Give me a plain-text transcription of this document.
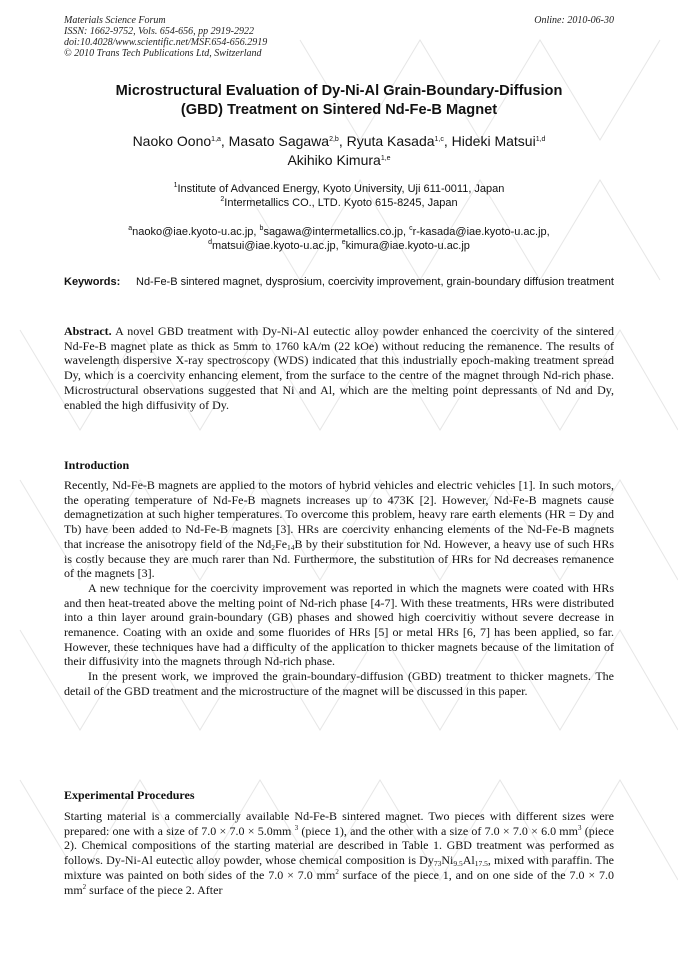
Materials Science Forum
ISSN: 1662-9752, Vols. 654-656, pp 2919-2922
doi:10.4028/www.scientific.net/MSF.654-656.2919
© 2010 Trans Tech Publications Ltd, Switzerland
Online: 2010-06-30
Microstructural Evaluation of Dy-Ni-Al Grain-Boundary-Diffusion
(GBD) Treatment on Sintered Nd-Fe-B Magnet
Naoko Oono$^{1,a}$, Masato Sagawa$^{2,b}$, Ryuta Kasada$^{1,c}$, Hideki Matsui$^{1,d}$
Akihiko Kimura$^{1,e}$
$^1$Institute of Advanced Energy, Kyoto University, Uji 611-0011, Japan
$^2$Intermetallics CO., LTD. Kyoto 615-8245, Japan
$^a$naoko@iae.kyoto-u.ac.jp, $^b$sagawa@intermetallics.co.jp, $^c$r-kasada@iae.kyoto-u.ac.jp,
$^d$matsui@iae.kyoto-u.ac.jp, $^e$kimura@iae.kyoto-u.ac.jp
Keywords:	Nd-Fe-B sintered magnet, dysprosium, coercivity improvement, grain-boundary diffusion treatment
Abstract. A novel GBD treatment with Dy-Ni-Al eutectic alloy powder enhanced the coercivity of the sintered Nd-Fe-B magnet plate as thick as 5mm to 1760 kA/m (22 kOe) without reducing the remanence. The results of wavelength dispersive X-ray spectroscopy (WDS) indicated that this industrially epoch-making treatment spread Dy, which is a coercivity enhancing element, from the surface to the centre of the magnet through Nd-rich phase. Microstructural observations suggested that Ni and Al, which are the melting point depressants of Nd and Dy, enabled the high diffusivity of Dy.
Introduction

Recently, Nd-Fe-B magnets are applied to the motors of hybrid vehicles and electric vehicles [1]. In such motors, the operating temperature of Nd-Fe-B magnets increases up to 473K [2]. However, Nd-Fe-B magnets cause demagnetization at such higher temperatures. To overcome this problem, heavy rare earth elements (HR = Dy and Tb) have been added to Nd-Fe-B magnets [3]. HRs are coercivity enhancing elements of the Nd-Fe-B magnets that increase the anisotropy field of the $Nd_2Fe_{14}B$ by their substitution for Nd. However, a heavy use of such HRs is costly because they are much rarer than Nd. Furthermore, the substitution of HRs for Nd decreases remanence of the magnets [3].

A new technique for the coercivity improvement was reported in which the magnets were coated with HRs and then heat-treated above the melting point of Nd-rich phase [4-7]. With these treatments, HRs were distributed into a thin layer around grain-boundary (GB) phases and showed high coercivitiy without severe decrease in remanence. Coating with an oxide and some fluorides of HRs [5] or metal HRs [6, 7] has been applied, so far. However, these techniques have had a difficulty of the application to thicker magnets because of the limitation of their diffusivity into the magnets through Nd-rich phase.

In the present work, we improved the grain-boundary-diffusion (GBD) treatment to thicker magnets. The detail of the GBD treatment and the microstructure of the magnet will be discussed in this paper.

Experimental Procedures

Starting material is a commercially available Nd-Fe-B sintered magnet. Two pieces with different sizes were prepared: one with a size of 7.0 × 7.0 × 5.0mm $^3$ (piece 1), and the other with a size of 7.0 × 7.0 × 6.0 $mm^3$ (piece 2). Chemical compositions of the starting material are described in Table 1. GBD treatment was performed as follows. Dy-Ni-Al eutectic alloy powder, whose chemical composition is $Dy_{73}Ni_{9.5}Al_{17.5}$, mixed with paraffin. The mixture was painted on both sides of the 7.0 × 7.0 $mm^2$ surface of the piece 1, and on one side of the 7.0 × 7.0 $mm^2$ surface of the piece 2. After
